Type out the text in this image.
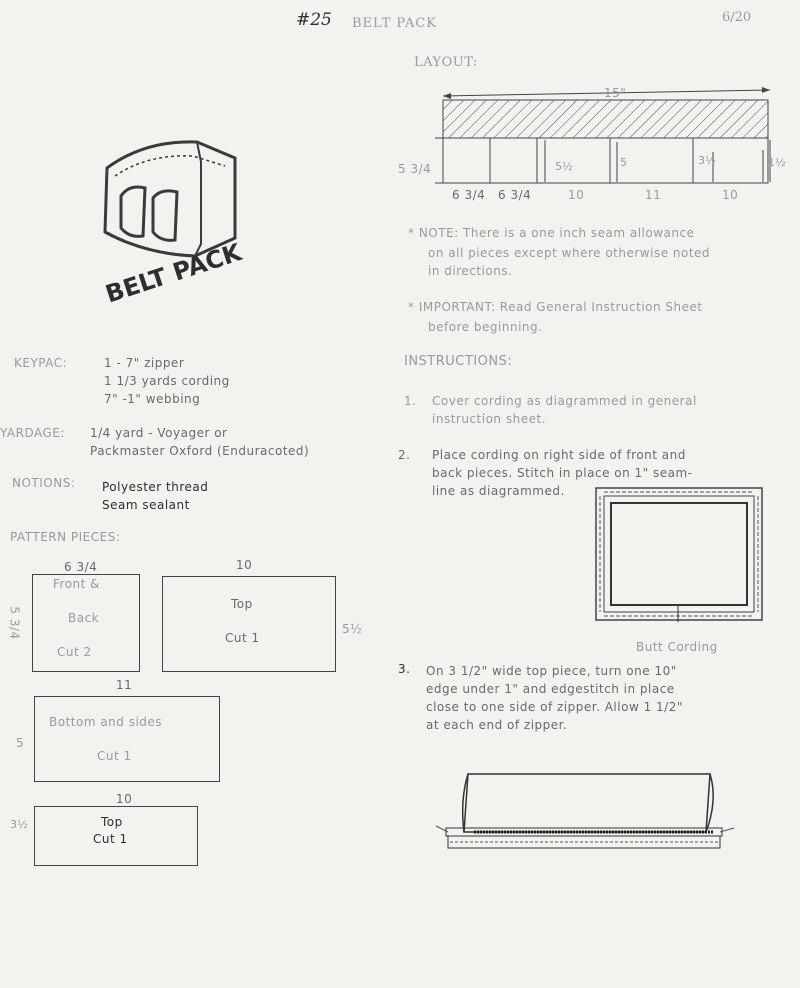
#25 BELT PACK	6/20
BELT PACK
LAYOUT:
15"
5 3/4
6 3/4 6 3/4	10	11	10
5½	5	3½	1½
* NOTE: There is a one inch seam allowance
on all pieces except where otherwise noted
in directions.
* IMPORTANT: Read General Instruction Sheet
before beginning.
KEYPAC:	1 - 7" zipper
1 1/3 yards cording
7" -1" webbing
YARDAGE: 1/4 yard - Voyager or
Packmaster Oxford (Enduracoted)
NOTIONS: Polyester thread
Seam sealant
PATTERN PIECES:
6 3/4
5 3/4
Front &
Back
Cut 2
10
5½
Top
Cut 1
11
5
Bottom and sides
Cut 1
10
3½	Top
Cut 1
INSTRUCTIONS:
1. Cover cording as diagrammed in general
instruction sheet.
2. Place cording on right side of front and
back pieces. Stitch in place on 1" seam-
line as diagrammed.
Butt Cording
3. On 3 1/2" wide top piece, turn one 10"
edge under 1" and edgestitch in place
close to one side of zipper. Allow 1 1/2"
at each end of zipper.
